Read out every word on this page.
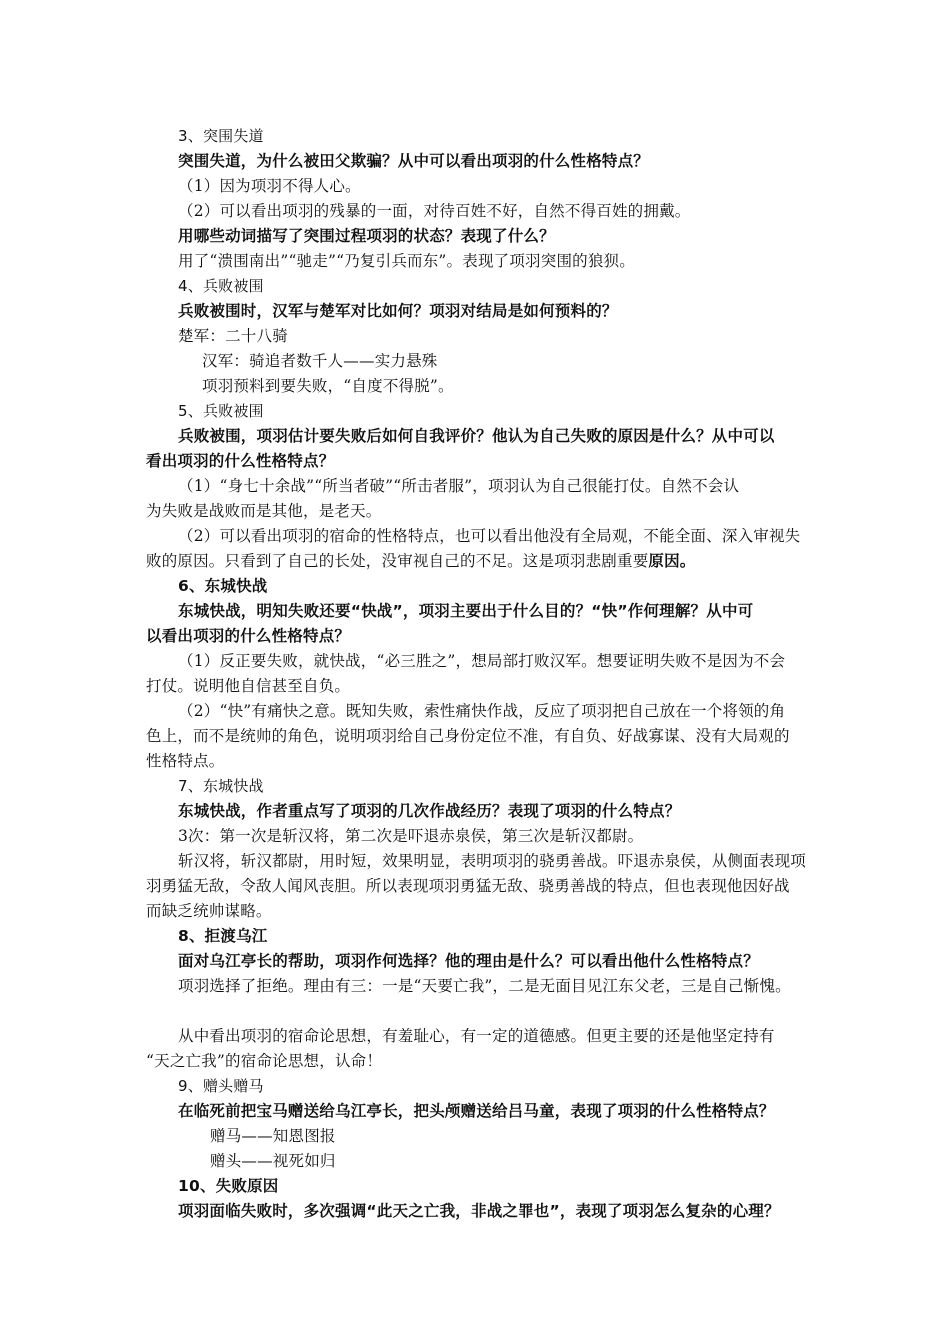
3、突围失道
突围失道，为什么被田父欺骗？从中可以看出项羽的什么性格特点？
（1）因为项羽不得人心。
（2）可以看出项羽的残暴的一面，对待百姓不好，自然不得百姓的拥戴。
用哪些动词描写了突围过程项羽的状态？表现了什么？
用了“溃围南出”“驰走”“乃复引兵而东”。表现了项羽突围的狼狈。
4、兵败被围
兵败被围时，汉军与楚军对比如何？项羽对结局是如何预料的？
楚军：二十八骑
汉军：骑追者数千人——实力悬殊
项羽预料到要失败，“自度不得脱”。
5、兵败被围
兵败被围，项羽估计要失败后如何自我评价？他认为自己失败的原因是什么？从中可以
看出项羽的什么性格特点？
（1）“身七十余战”“所当者破”“所击者服”，项羽认为自己很能打仗。自然不会认
为失败是战败而是其他，是老天。
（2）可以看出项羽的宿命的性格特点，也可以看出他没有全局观，不能全面、深入审视失
败的原因。只看到了自己的长处，没审视自己的不足。这是项羽悲剧重要原因。
6、东城快战
东城快战，明知失败还要“快战”，项羽主要出于什么目的？“快”作何理解？从中可
以看出项羽的什么性格特点？
（1）反正要失败，就快战，“必三胜之”，想局部打败汉军。想要证明失败不是因为不会
打仗。说明他自信甚至自负。
（2）“快”有痛快之意。既知失败，索性痛快作战，反应了项羽把自己放在一个将领的角
色上，而不是统帅的角色，说明项羽给自己身份定位不准，有自负、好战寡谋、没有大局观的
性格特点。
7、东城快战
东城快战，作者重点写了项羽的几次作战经历？表现了项羽的什么特点？
3次：第一次是斩汉将，第二次是吓退赤泉侯，第三次是斩汉都尉。
斩汉将，斩汉都尉，用时短，效果明显，表明项羽的骁勇善战。吓退赤泉侯，从侧面表现项
羽勇猛无敌，令敌人闻风丧胆。所以表现项羽勇猛无敌、骁勇善战的特点，但也表现他因好战
而缺乏统帅谋略。
8、拒渡乌江
面对乌江亭长的帮助，项羽作何选择？他的理由是什么？可以看出他什么性格特点？
项羽选择了拒绝。理由有三：一是“天要亡我”，二是无面目见江东父老，三是自己惭愧。
从中看出项羽的宿命论思想，有羞耻心，有一定的道德感。但更主要的还是他坚定持有
“天之亡我”的宿命论思想，认命！
9、赠头赠马
在临死前把宝马赠送给乌江亭长，把头颅赠送给吕马童，表现了项羽的什么性格特点？
赠马——知恩图报
赠头——视死如归
10、失败原因
项羽面临失败时，多次强调“此天之亡我，非战之罪也”，表现了项羽怎么复杂的心理？
